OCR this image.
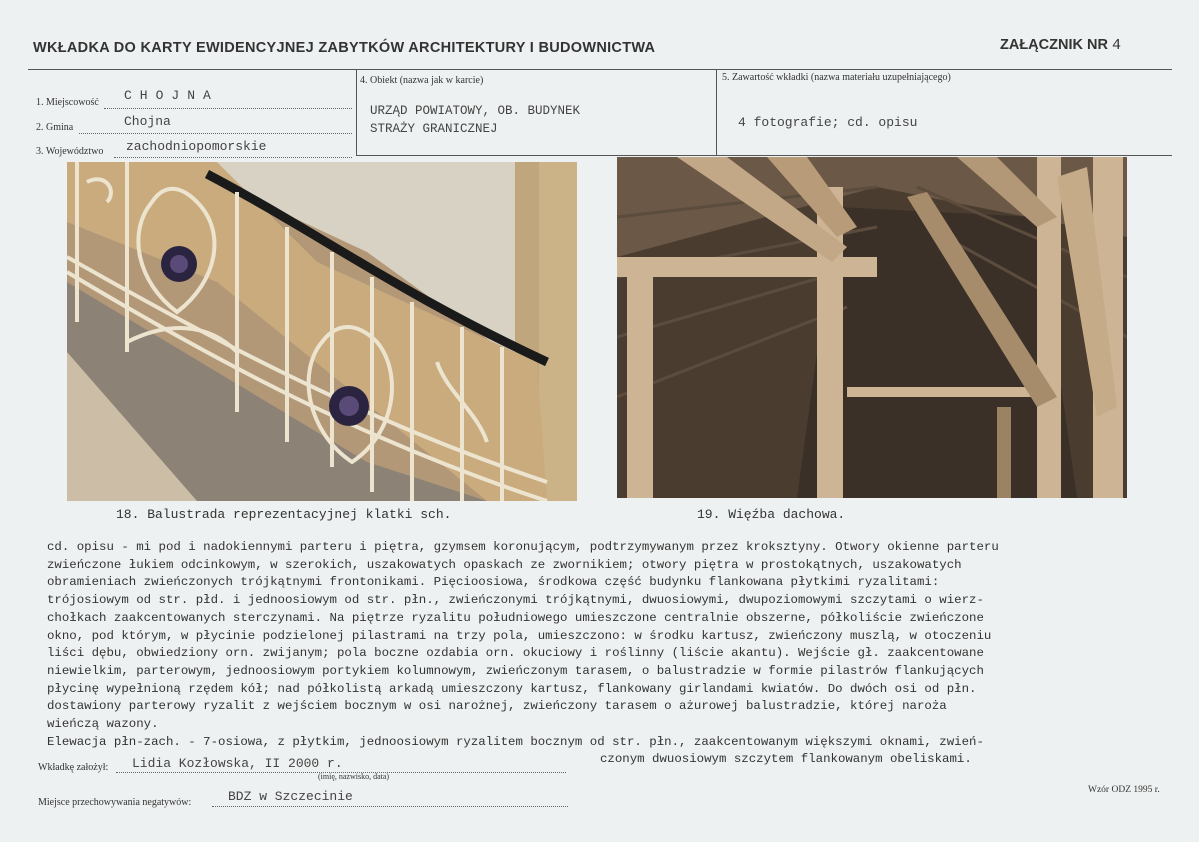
WKŁADKA DO KARTY EWIDENCYJNEJ ZABYTKÓW ARCHITEKTURY I BUDOWNICTWA	ZAŁĄCZNIK NR 4
1. Miejscowość CHOJNA
2. Gmina	Chojna
3. Województwo zachodniopomorskie
4. Obiekt (nazwa jak w karcie)
URZĄD POWIATOWY, OB. BUDYNEK
STRAŻY GRANICZNEJ
5. Zawartość wkładki (nazwa materiału uzupełniającego)
4 fotografie; cd. opisu
18. Balustrada reprezentacyjnej klatki sch.	19. Więźba dachowa.
cd. opisu - mi pod i nadokiennymi parteru i piętra, gzymsem koronującym, podtrzymywanym przez kroksztyny. Otwory okienne parteru
zwieńczone łukiem odcinkowym, w szerokich, uszakowatych opaskach ze zwornikiem; otwory piętra w prostokątnych, uszakowatych
obramieniach zwieńczonych trójkątnymi frontonikami. Pięcioosiowa, środkowa część budynku flankowana płytkimi ryzalitami:
trójosiowym od str. płd. i jednoosiowym od str. płn., zwieńczonymi trójkątnymi, dwuosiowymi, dwupoziomowymi szczytami o wierz-
chołkach zaakcentowanych sterczynami. Na piętrze ryzalitu południowego umieszczone centralnie obszerne, półkoliście zwieńczone
okno, pod którym, w płycinie podzielonej pilastrami na trzy pola, umieszczono: w środku kartusz, zwieńczony muszlą, w otoczeniu
liści dębu, obwiedziony orn. zwijanym; pola boczne ozdabia orn. okuciowy i roślinny (liście akantu). Wejście gł. zaakcentowane
niewielkim, parterowym, jednoosiowym portykiem kolumnowym, zwieńczonym tarasem, o balustradzie w formie pilastrów flankujących
płycinę wypełnioną rzędem kół; nad półkolistą arkadą umieszczony kartusz, flankowany girlandami kwiatów. Do dwóch osi od płn.
dostawiony parterowy ryzalit z wejściem bocznym w osi narożnej, zwieńczony tarasem o ażurowej balustradzie, której naroża
wieńczą wazony.
Elewacja płn-zach. - 7-osiowa, z płytkim, jednoosiowym ryzalitem bocznym od str. płn., zaakcentowanym większymi oknami, zwień-
czonym dwuosiowym szczytem flankowanym obeliskami.
Wkładkę założył: Lidia Kozłowska, II 2000 r.
(imię, nazwisko, data)
Miejsce przechowywania negatywów:	BDZ w Szczecinie	Wzór ODZ 1995 r.
